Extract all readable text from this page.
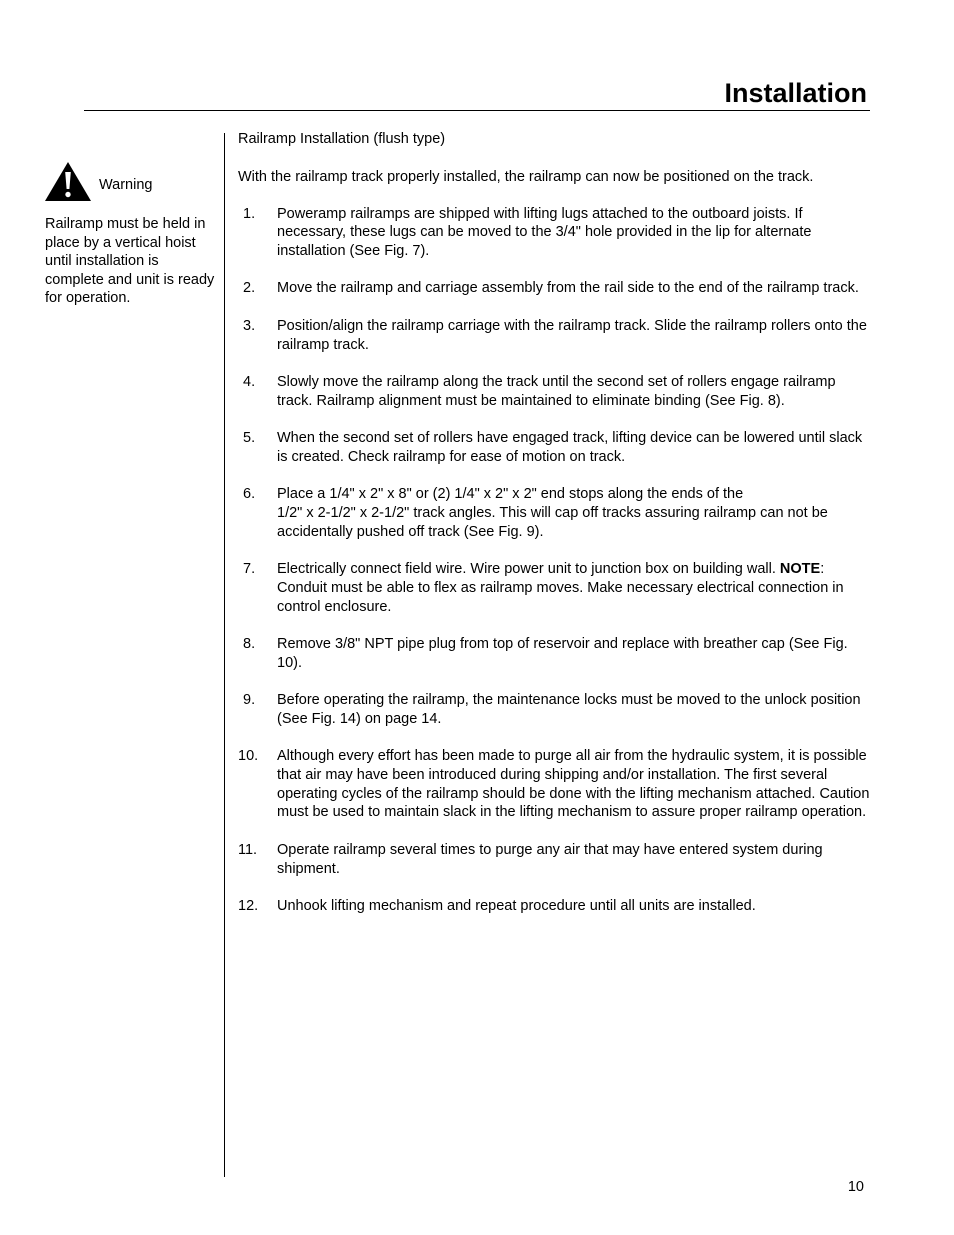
Installation
Warning
Railramp must be held in place by a vertical hoist until installation is complete and unit is ready for operation.

Railramp Installation (flush type)

With the railramp track properly installed, the railramp can now be positioned on the track.

1.	Poweramp railramps are shipped with lifting lugs attached to the outboard joists. If necessary, these lugs can be moved to the 3/4" hole provided in the lip for alternate installation (See Fig. 7).
2.	Move the railramp and carriage assembly from the rail side to the end of the railramp track.
3.	Position/align the railramp carriage with the railramp track. Slide the railramp rollers onto the railramp track.
4.	Slowly move the railramp along the track until the second set of rollers engage railramp track. Railramp alignment must be maintained to eliminate binding (See Fig. 8).
5.	When the second set of rollers have engaged track, lifting device can be lowered until slack is created. Check railramp for ease of motion on track.
6.	Place a 1/4" x 2" x 8" or (2) 1/4" x 2" x 2" end stops along the ends of the
1/2" x 2-1/2" x 2-1/2" track angles. This will cap off tracks assuring railramp can not be accidentally pushed off track (See Fig. 9).
7.	Electrically connect field wire. Wire power unit to junction box on building wall. NOTE: Conduit must be able to flex as railramp moves. Make necessary electrical connection in control enclosure.
8.	Remove 3/8" NPT pipe plug from top of reservoir and replace with breather cap (See Fig. 10).
9.	Before operating the railramp, the maintenance locks must be moved to the unlock position (See Fig. 14) on page 14.
10.	Although every effort has been made to purge all air from the hydraulic system, it is possible that air may have been introduced during shipping and/or installation. The first several operating cycles of the railramp should be done with the lifting mechanism attached. Caution must be used to maintain slack in the lifting mechanism to assure proper railramp operation.
11.	Operate railramp several times to purge any air that may have entered system during shipment.
12.	Unhook lifting mechanism and repeat procedure until all units are installed.
10
